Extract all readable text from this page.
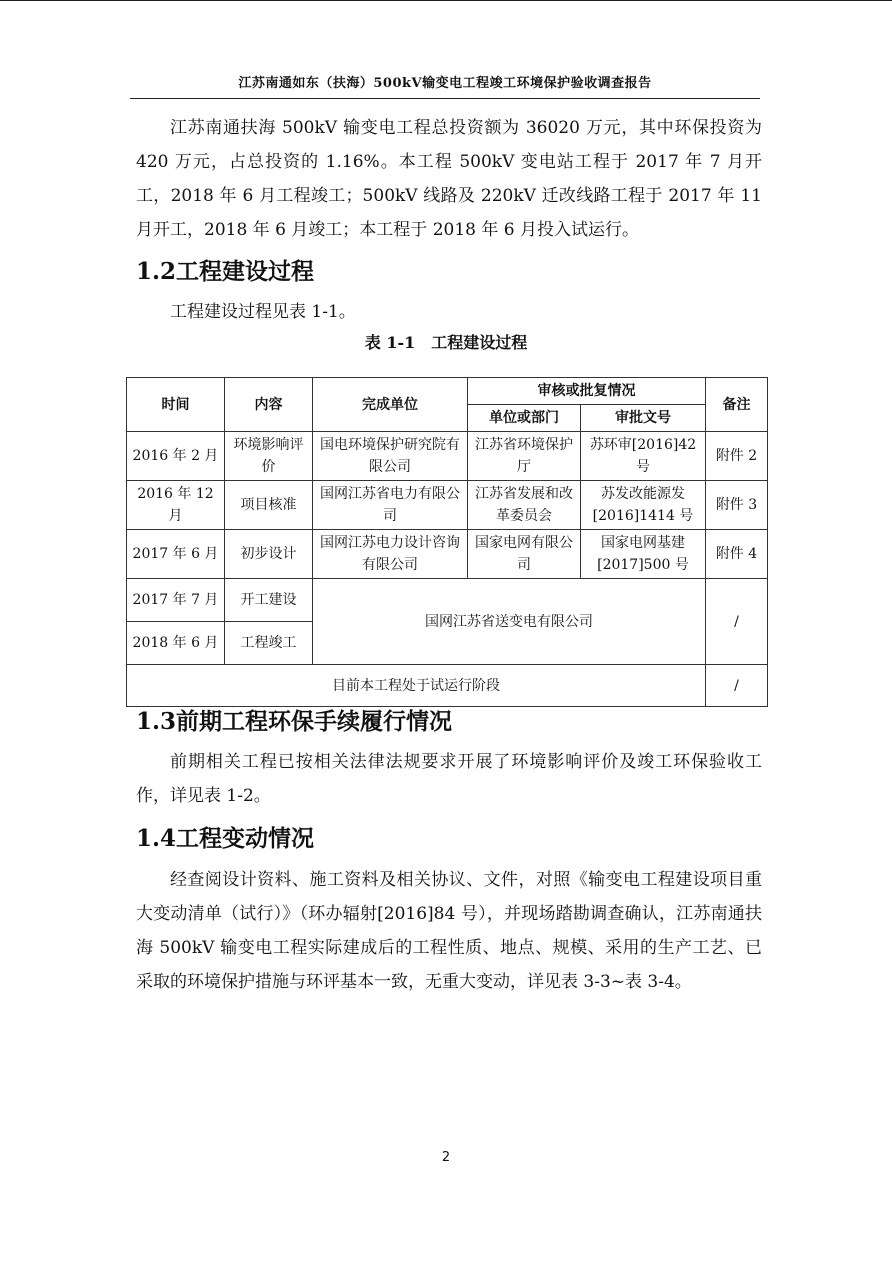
江苏南通如东（扶海）500kV输变电工程竣工环境保护验收调查报告

江苏南通扶海 500kV 输变电工程总投资额为 36020 万元，其中环保投资为 420 万元，占总投资的 1.16%。本工程 500kV 变电站工程于 2017 年 7 月开工，2018 年 6 月工程竣工；500kV 线路及 220kV 迁改线路工程于 2017 年 11 月开工，2018 年 6 月竣工；本工程于 2018 年 6 月投入试运行。

1.2工程建设过程

工程建设过程见表 1-1。

表 1-1　工程建设过程
时间	内容	完成单位	审核或批复情况		备注
			单位或部门	审批文号	
2016 年 2 月	环境影响评价	国电环境保护研究院有限公司	江苏省环境保护厅	苏环审[2016]42 号	附件 2
2016 年 12 月	项目核准	国网江苏省电力有限公司	江苏省发展和改革委员会	苏发改能源发[2016]1414 号	附件 3
2017 年 6 月	初步设计	国网江苏电力设计咨询有限公司	国家电网有限公司	国家电网基建[2017]500 号	附件 4
2017 年 7 月	开工建设	国网江苏省送变电有限公司			/
2018 年 6 月	工程竣工				
目前本工程处于试运行阶段					/
1.3前期工程环保手续履行情况

前期相关工程已按相关法律法规要求开展了环境影响评价及竣工环保验收工作，详见表 1-2。

1.4工程变动情况

经查阅设计资料、施工资料及相关协议、文件，对照《输变电工程建设项目重大变动清单（试行）》（环办辐射[2016]84 号），并现场踏勘调查确认，江苏南通扶海 500kV 输变电工程实际建成后的工程性质、地点、规模、采用的生产工艺、已采取的环境保护措施与环评基本一致，无重大变动，详见表 3-3~表 3-4。

2
